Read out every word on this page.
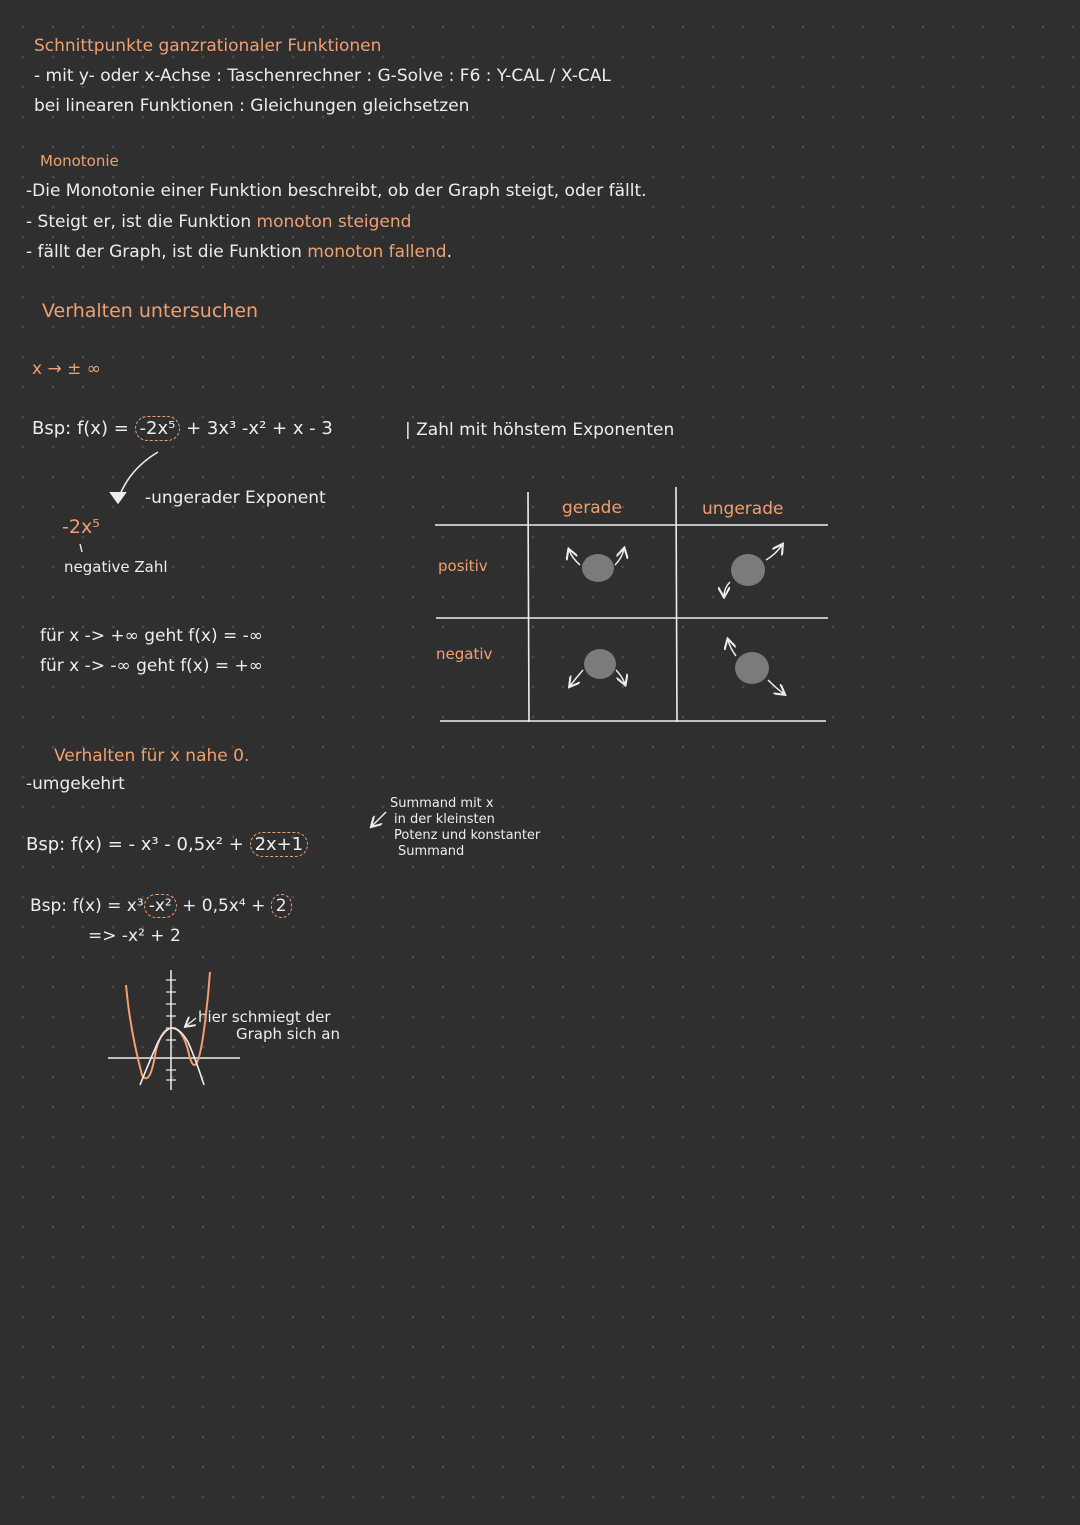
Schnittpunkte ganzrationaler Funktionen
- mit y- oder x-Achse : Taschenrechner : G-Solve : F6 : Y-CAL / X-CAL
bei linearen Funktionen : Gleichungen gleichsetzen
Monotonie
-Die Monotonie einer Funktion beschreibt, ob der Graph steigt, oder fällt.
- Steigt er, ist die Funktion monoton steigend
- fällt der Graph, ist die Funktion monoton fallend.
Verhalten untersuchen
x → ± ∞
Bsp: f(x) = -2x⁵ + 3x³ -x² + x - 3	| Zahl mit höhstem Exponenten
-ungerader Exponent
-2x⁵
negative Zahl
für x -> +∞ geht f(x) = -∞
für x -> -∞ geht f(x) = +∞
gerade	ungerade
positiv
negativ
Verhalten für x nahe 0.
-umgekehrt
Bsp: f(x) = - x³ - 0,5x² + 2x+1
Summand mit x
in der kleinsten
Potenz und konstanter
Summand
Bsp: f(x) = x³ -x² + 0,5x⁴ + 2
=> -x² + 2
hier schmiegt der
Graph sich an
